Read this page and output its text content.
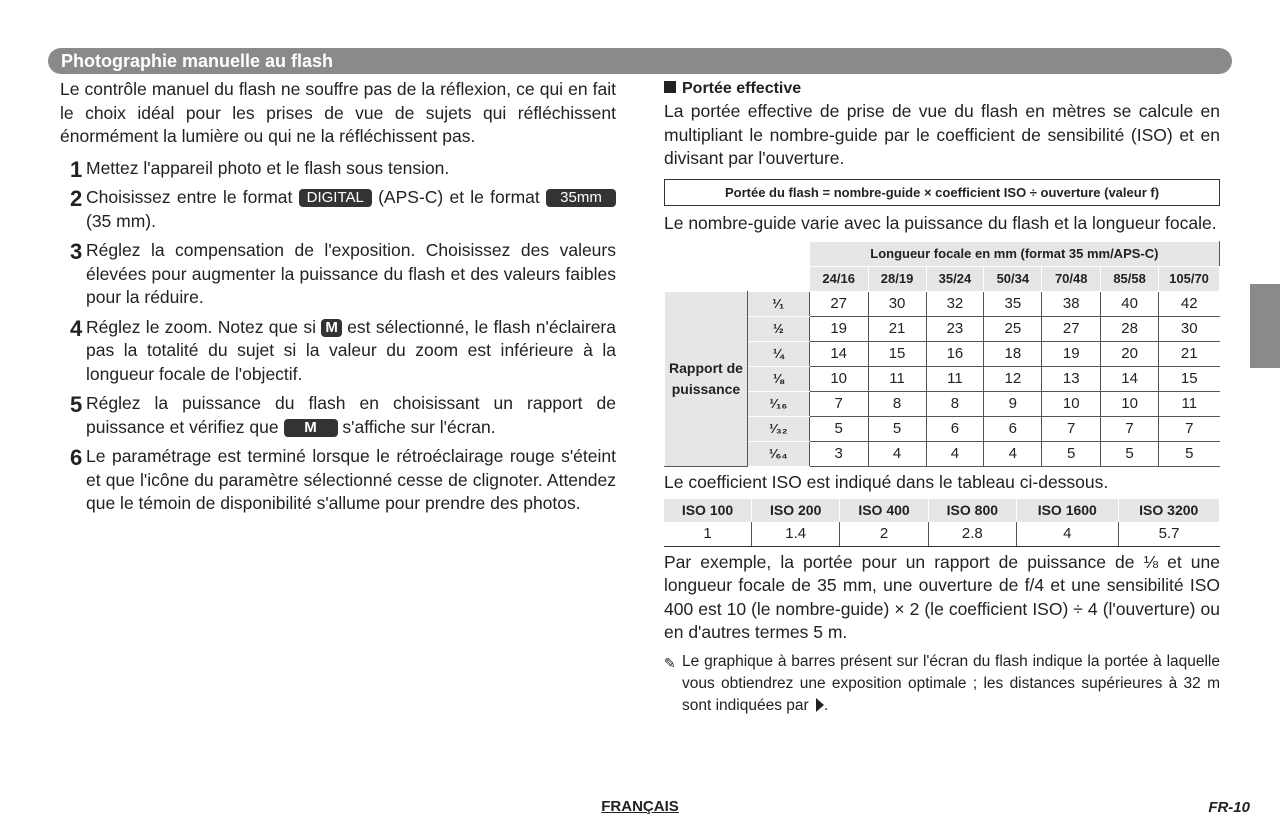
Photographie manuelle au flash

Le contrôle manuel du flash ne souffre pas de la réflexion, ce qui en fait le choix idéal pour les prises de vue de sujets qui réfléchissent énormément la lumière ou qui ne la réfléchissent pas.

1 Mettez l'appareil photo et le flash sous tension.
2 Choisissez entre le format DIGITAL (APS-C) et le format 35mm (35 mm).
3 Réglez la compensation de l'exposition. Choisissez des valeurs élevées pour augmenter la puissance du flash et des valeurs faibles pour la réduire.
4 Réglez le zoom. Notez que si M est sélectionné, le flash n'éclairera pas la totalité du sujet si la valeur du zoom est inférieure à la longueur focale de l'objectif.
5 Réglez la puissance du flash en choisissant un rapport de puissance et vérifiez que M s'affiche sur l'écran.
6 Le paramétrage est terminé lorsque le rétroéclairage rouge s'éteint et que l'icône du paramètre sélectionné cesse de clignoter. Attendez que le témoin de disponibilité s'allume pour prendre des photos.
Portée effective

La portée effective de prise de vue du flash en mètres se calcule en multipliant le nombre-guide par le coefficient de sensibilité (ISO) et en divisant par l'ouverture.

Portée du flash = nombre-guide × coefficient ISO ÷ ouverture (valeur f)

Le nombre-guide varie avec la puissance du flash et la longueur focale.

		Longueur focale en mm (format 35 mm/APS-C)						
		24/16	28/19	35/24	50/34	70/48	85/58	105/70
Rapport de puissance	¹⁄₁	27	30	32	35	38	40	42
	½	19	21	23	25	27	28	30
	¼	14	15	16	18	19	20	21
	⅛	10	11	11	12	13	14	15
	¹⁄₁₆	7	8	8	9	10	10	11
	¹⁄₃₂	5	5	6	6	7	7	7
	¹⁄₆₄	3	4	4	4	5	5	5

Le coefficient ISO est indiqué dans le tableau ci-dessous.

ISO 100	ISO 200	ISO 400	ISO 800	ISO 1600	ISO 3200
1	1.4	2	2.8	4	5.7

Par exemple, la portée pour un rapport de puissance de ⅛ et une longueur focale de 35 mm, une ouverture de f/4 et une sensibilité ISO 400 est 10 (le nombre-guide) × 2 (le coefficient ISO) ÷ 4 (l'ouverture) ou en d'autres termes 5 m.

✎ Le graphique à barres présent sur l'écran du flash indique la portée à laquelle vous obtiendrez une exposition optimale ; les distances supérieures à 32 m sont indiquées par .
FRANÇAIS	FR-10
